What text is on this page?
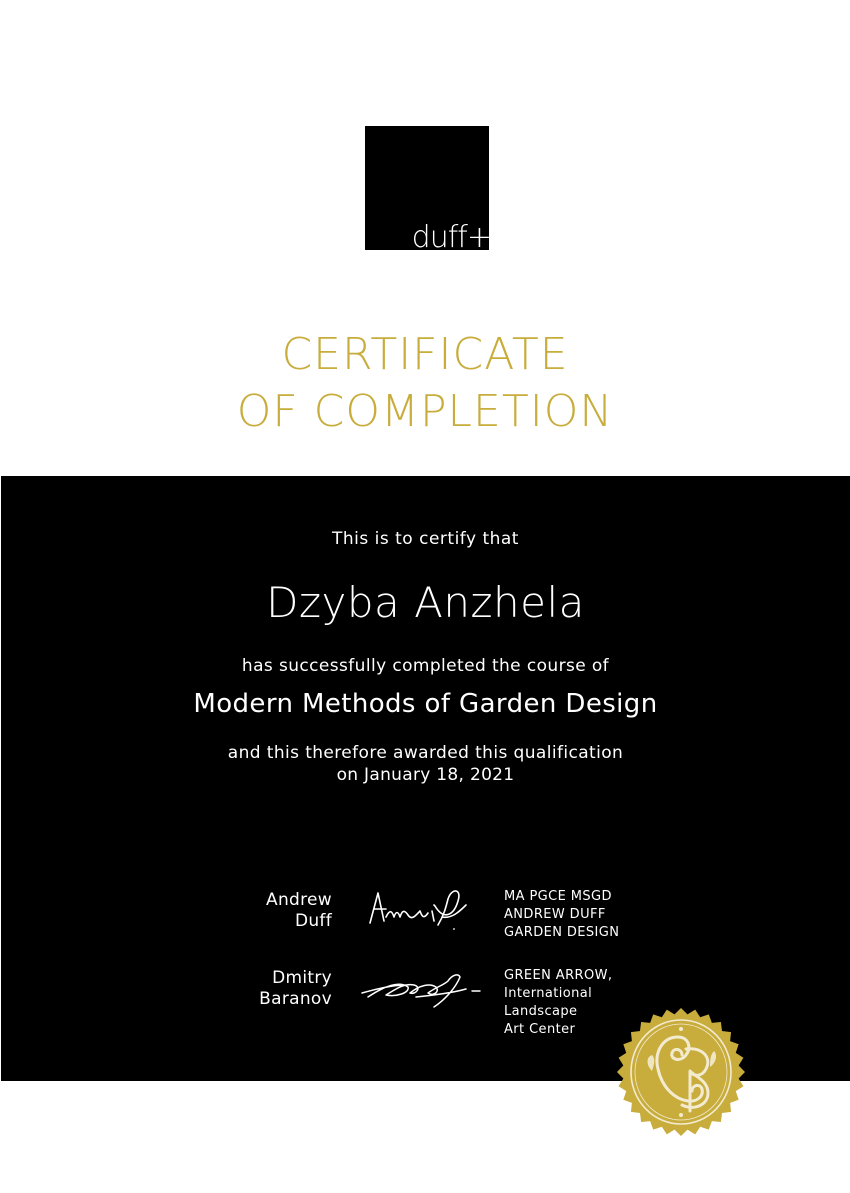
duff+
CERTIFICATE
OF COMPLETION
This is to certify that
Dzyba Anzhela
has successfully completed the course of
Modern Methods of Garden Design
and this therefore awarded this qualification
on January 18, 2021
Andrew
Duff
MA PGCE MSGD
ANDREW DUFF
GARDEN DESIGN
Dmitry
Baranov
GREEN ARROW,
International
Landscape
Art Center
